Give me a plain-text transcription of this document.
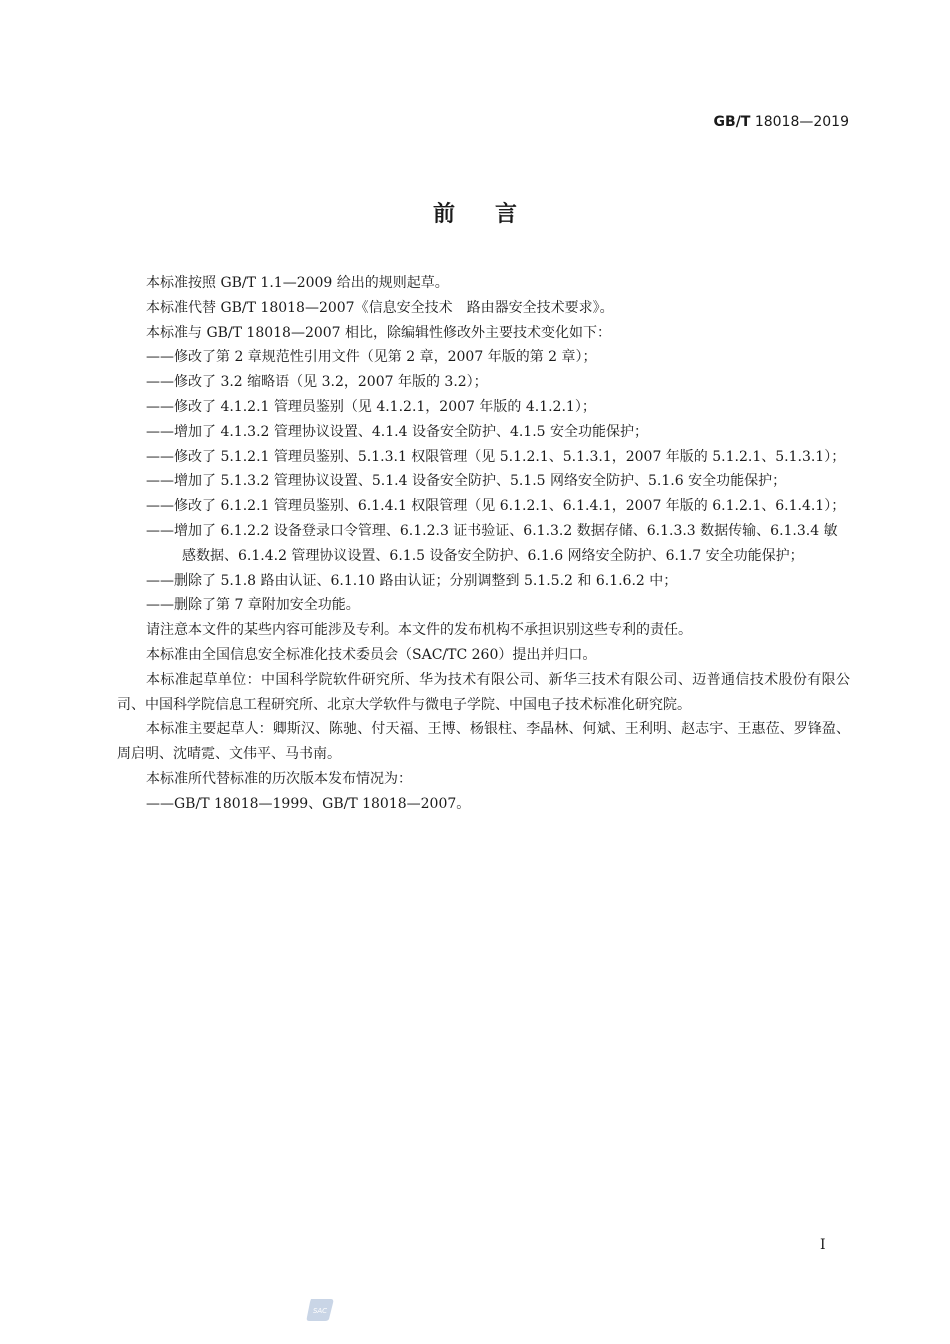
GB/T 18018—2019
前言

本标准按照 GB/T 1.1—2009 给出的规则起草。

本标准代替 GB/T 18018—2007《信息安全技术　路由器安全技术要求》。

本标准与 GB/T 18018—2007 相比，除编辑性修改外主要技术变化如下：

——修改了第 2 章规范性引用文件（见第 2 章，2007 年版的第 2 章）；

——修改了 3.2 缩略语（见 3.2，2007 年版的 3.2）；

——修改了 4.1.2.1 管理员鉴别（见 4.1.2.1，2007 年版的 4.1.2.1）；

——增加了 4.1.3.2 管理协议设置、4.1.4 设备安全防护、4.1.5 安全功能保护；

——修改了 5.1.2.1 管理员鉴别、5.1.3.1 权限管理（见 5.1.2.1、5.1.3.1，2007 年版的 5.1.2.1、5.1.3.1）；

——增加了 5.1.3.2 管理协议设置、5.1.4 设备安全防护、5.1.5 网络安全防护、5.1.6 安全功能保护；

——修改了 6.1.2.1 管理员鉴别、6.1.4.1 权限管理（见 6.1.2.1、6.1.4.1，2007 年版的 6.1.2.1、6.1.4.1）；

——增加了 6.1.2.2 设备登录口令管理、6.1.2.3 证书验证、6.1.3.2 数据存储、6.1.3.3 数据传输、6.1.3.4 敏感数据、6.1.4.2 管理协议设置、6.1.5 设备安全防护、6.1.6 网络安全防护、6.1.7 安全功能保护；

——删除了 5.1.8 路由认证、6.1.10 路由认证；分别调整到 5.1.5.2 和 6.1.6.2 中；

——删除了第 7 章附加安全功能。

请注意本文件的某些内容可能涉及专利。本文件的发布机构不承担识别这些专利的责任。

本标准由全国信息安全标准化技术委员会（SAC/TC 260）提出并归口。

本标准起草单位：中国科学院软件研究所、华为技术有限公司、新华三技术有限公司、迈普通信技术股份有限公司、中国科学院信息工程研究所、北京大学软件与微电子学院、中国电子技术标准化研究院。

本标准主要起草人：卿斯汉、陈驰、付天福、王博、杨银柱、李晶林、何斌、王利明、赵志宇、王惠莅、罗锋盈、周启明、沈晴霓、文伟平、马书南。

本标准所代替标准的历次版本发布情况为：

——GB/T 18018—1999、GB/T 18018—2007。

Ⅰ
SAC
